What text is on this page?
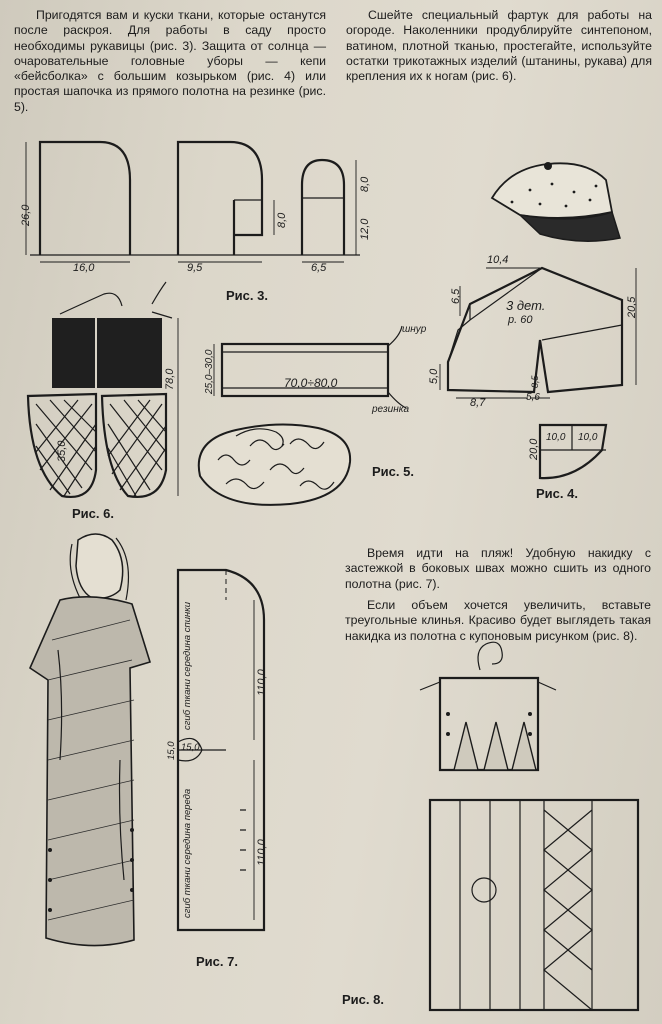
Пригодятся вам и куски ткани, которые останутся после раскроя. Для работы в саду просто необходимы рукавицы (рис. 3). Защита от солнца — очаровательные головные уборы — кепи «бейсболка» с большим козырьком (рис. 4) или простая шапочка из прямого полотна на резинке (рис. 5).

Сшейте специальный фартук для работы на огороде. Наколенники продублируйте синтепоном, ватином, плотной тканью, простегайте, используйте остатки трикотажных изделий (штанины, рукава) для крепления их к ногам (рис. 6).

26,0
16,0	9,5	6,5
8,0
8,0
12,0

Рис. 3.

10,4
6,5
20,5
5,0
8,7	5,6
8,5
3 дет.
р. 60
20,0
10,0 10,0

Рис. 4.

70,0÷80,0
25,0–30,0
шнур
резинка

Рис. 5.

35,0
78,0

Рис. 6.

Время идти на пляж! Удобную накидку с застежкой в боковых швах можно сшить из одного полотна (рис. 7).

Если объем хочется увеличить, вставьте треугольные клинья. Красиво будет выглядеть такая накидка из полотна с купоновым рисунком (рис. 8).

сгиб ткани середина спинки
сгиб ткани середина переда
110,0
110,0
15,0 15,0

Рис. 7.

Рис. 8.
